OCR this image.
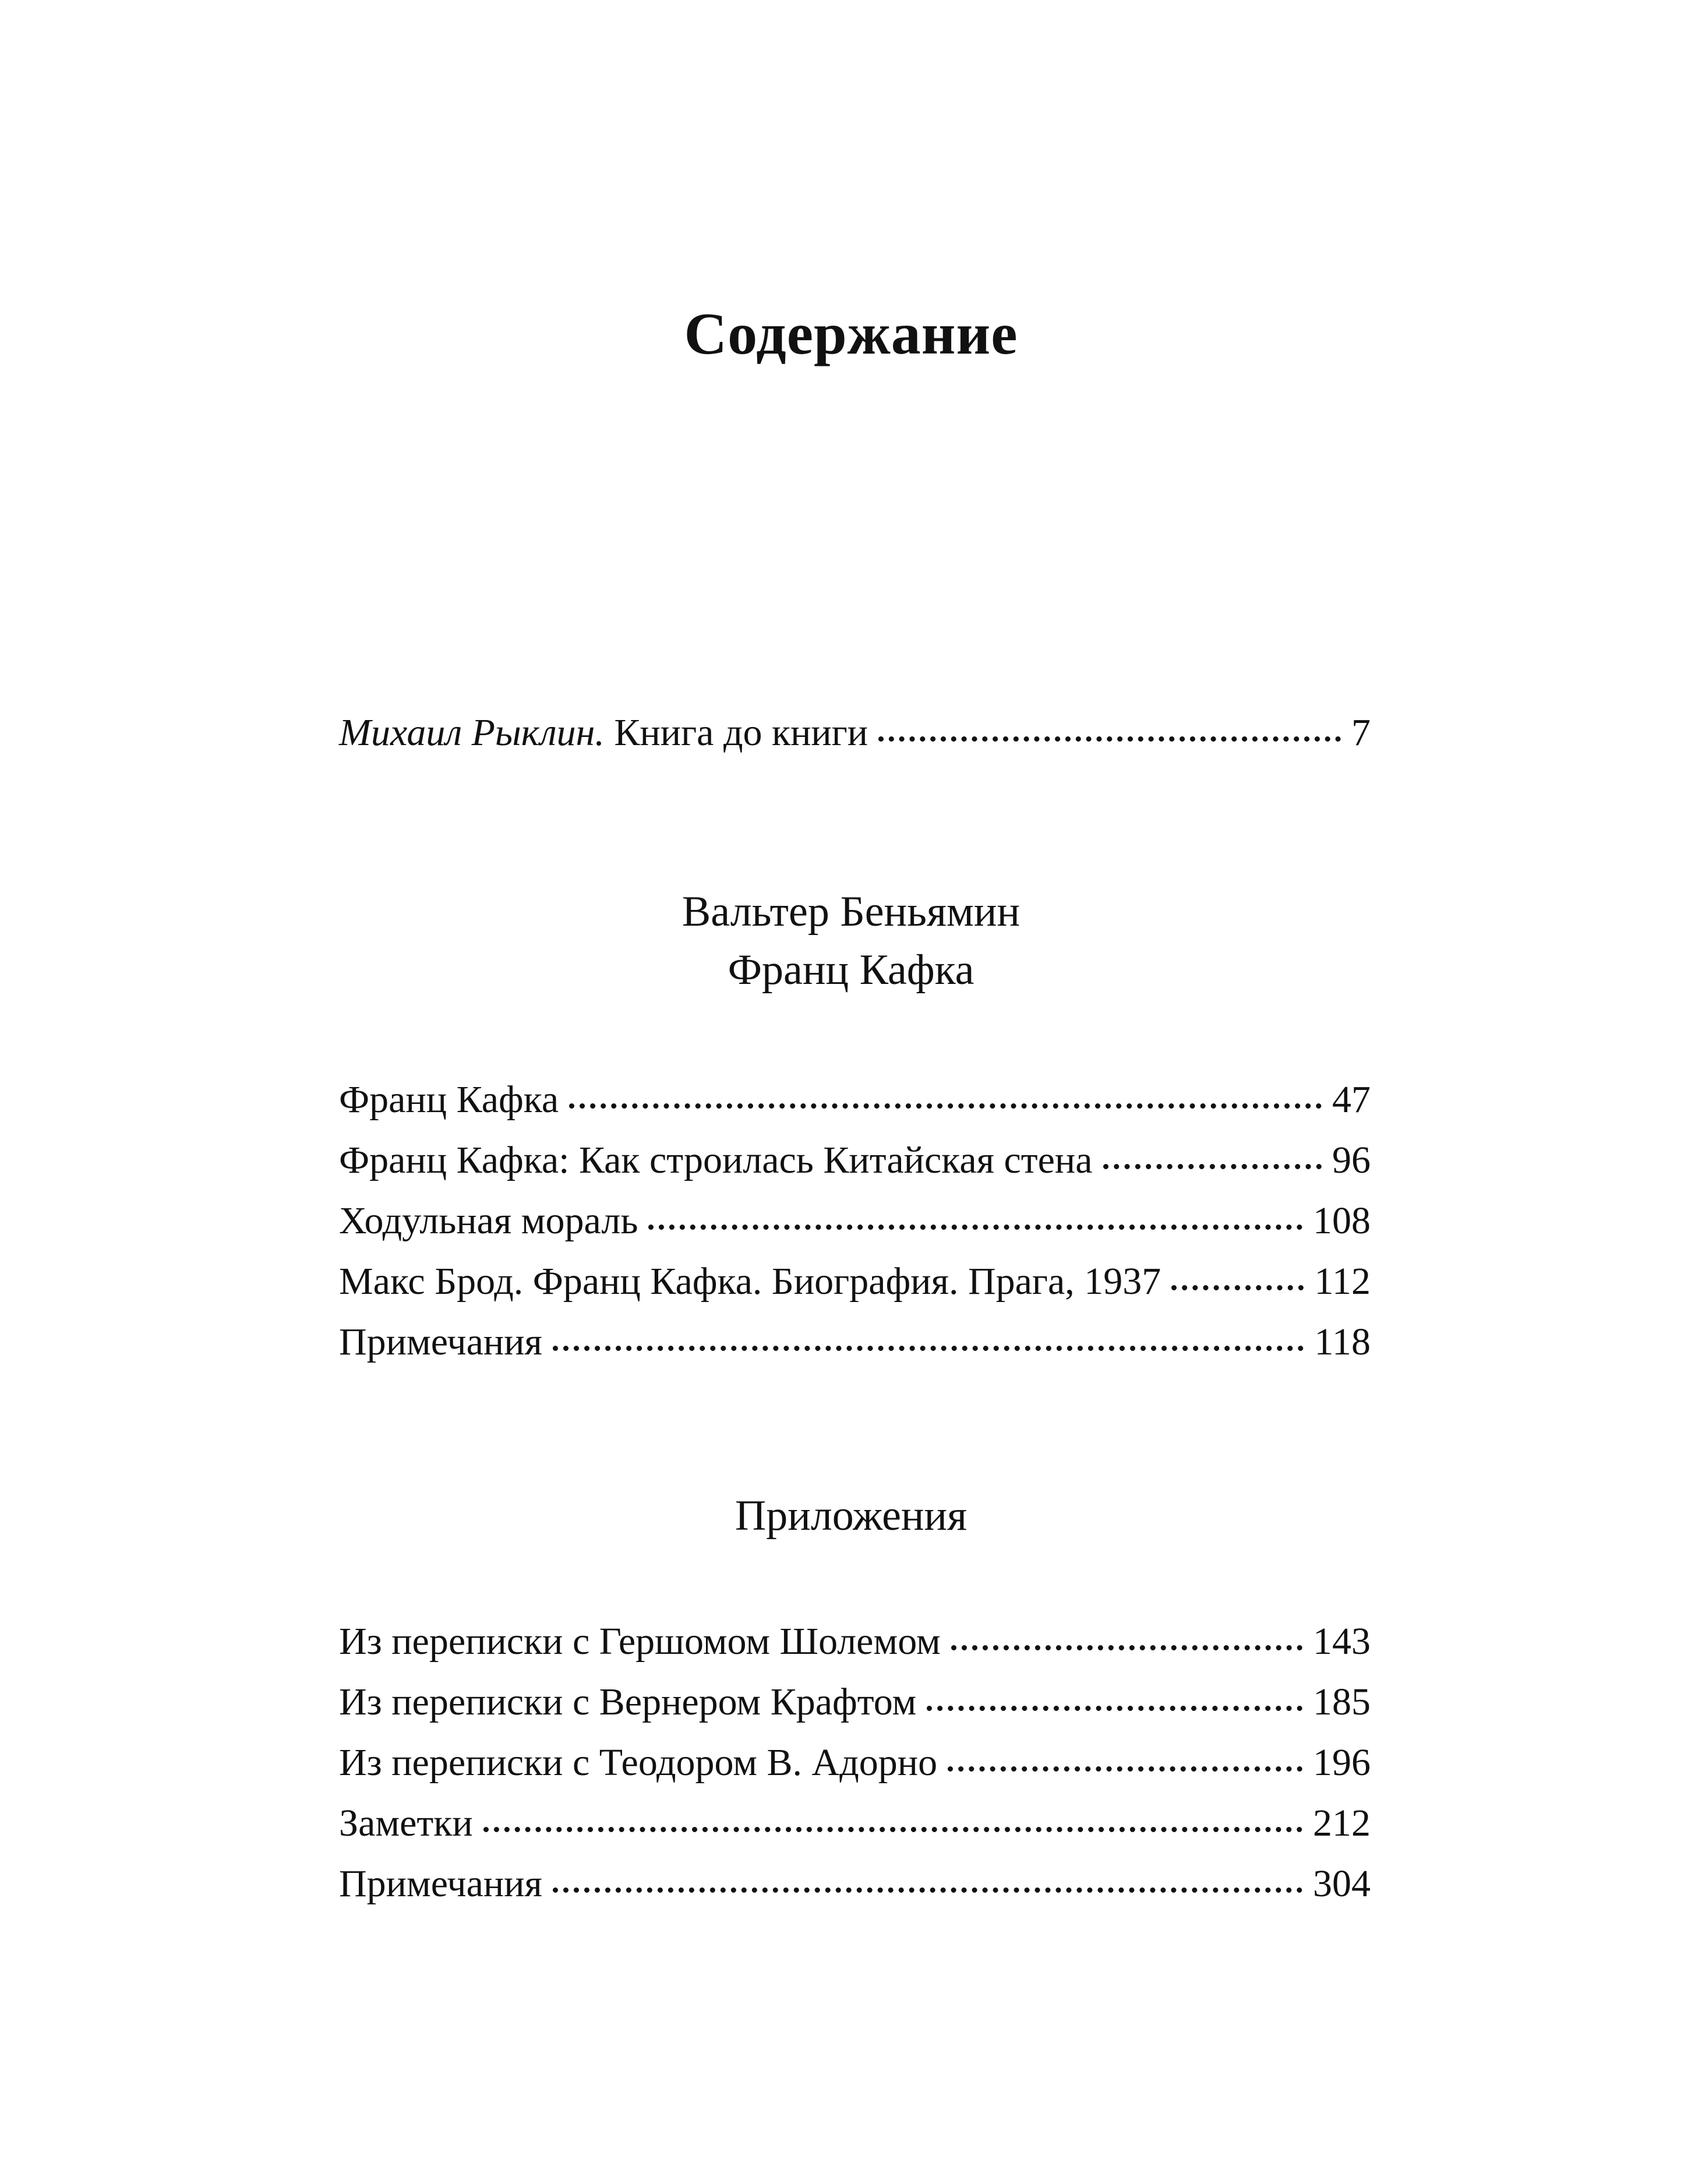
Содержание
Михаил Рыклин. Книга до книги	7
Вальтер Беньямин
Франц Кафка
Франц Кафка	47
Франц Кафка: Как строилась Китайская стена	96
Ходульная мораль	108
Макс Брод. Франц Кафка. Биография. Прага, 1937	112
Примечания	118
Приложения
Из переписки с Гершомом Шолемом	143
Из переписки с Вернером Крафтом	185
Из переписки с Теодором В. Адорно	196
Заметки	212
Примечания	304
